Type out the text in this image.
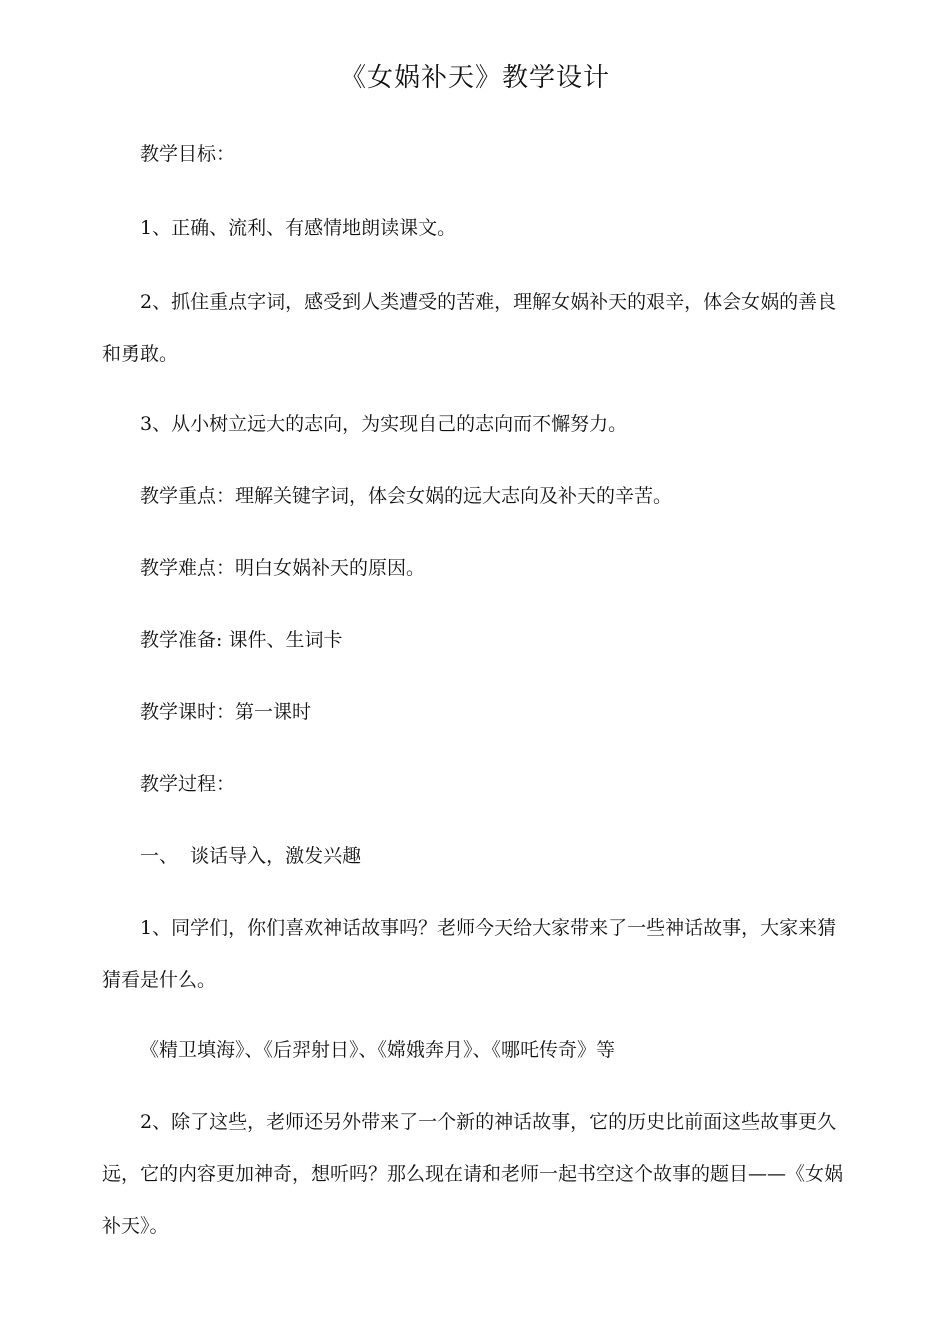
《女娲补天》教学设计

教学目标：

1、正确、流利、有感情地朗读课文。

2、抓住重点字词，感受到人类遭受的苦难，理解女娲补天的艰辛，体会女娲的善良和勇敢。

3、从小树立远大的志向，为实现自己的志向而不懈努力。

教学重点：理解关键字词，体会女娲的远大志向及补天的辛苦。

教学难点：明白女娲补天的原因。

教学准备: 课件、生词卡

教学课时：第一课时

教学过程：

一、  谈话导入，激发兴趣

1、同学们，你们喜欢神话故事吗？老师今天给大家带来了一些神话故事，大家来猜猜看是什么。

《精卫填海》、《后羿射日》、《嫦娥奔月》、《哪吒传奇》等

2、除了这些，老师还另外带来了一个新的神话故事，它的历史比前面这些故事更久远，它的内容更加神奇，想听吗？那么现在请和老师一起书空这个故事的题目——《女娲补天》。
